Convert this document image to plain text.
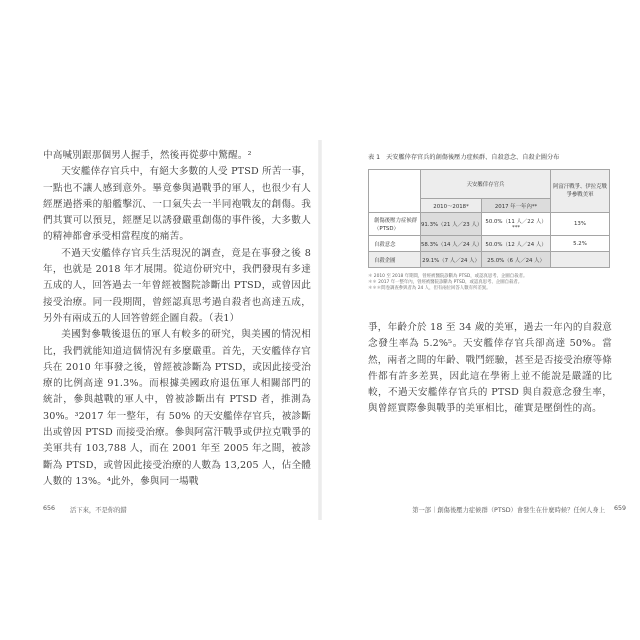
中高喊別跟那個男人握手，然後再從夢中驚醒。²

天安艦倖存官兵中，有絕大多數的人受 PTSD 所苦一事，一點也不讓人感到意外。畢竟參與過戰爭的軍人，也很少有人經歷過搭乘的船艦擊沉、一口氣失去一半同袍戰友的創傷。我們其實可以預見，經歷足以誘發嚴重創傷的事件後，大多數人的精神都會承受相當程度的痛苦。

不過天安艦倖存官兵生活現況的調查，竟是在事發之後 8 年，也就是 2018 年才展開。從這份研究中，我們發現有多達五成的人，回答過去一年曾經被醫院診斷出 PTSD，或曾因此接受治療。同一段期間，曾經認真思考過自殺者也高達五成，另外有兩成五的人回答曾經企圖自殺。（表1）

美國對參戰後退伍的軍人有較多的研究，與美國的情況相比，我們就能知道這個情況有多麼嚴重。首先，天安艦倖存官兵在 2010 年事發之後，曾經被診斷為 PTSD，或因此接受治療的比例高達 91.3%。而根據美國政府退伍軍人相關部門的統計，參與越戰的軍人中，曾被診斷出有 PTSD 者，推測為 30%。³2017 年一整年，有 50% 的天安艦倖存官兵，被診斷出或曾因 PTSD 而接受治療。參與阿富汗戰爭或伊拉克戰爭的美軍共有 103,788 人，而在 2001 年至 2005 年之間，被診斷為 PTSD，或曾因此接受治療的人數為 13,205 人，佔全體人數的 13%。⁴此外，參與同一場戰

656 活下來，不是你的錯
表 1 天安艦倖存官兵的創傷後壓力症候群、自殺意念、自殺企圖分布
	天安艦倖存官兵		阿富汗戰爭、伊拉克戰爭參戰美軍
	2010～2018*	2017 年一年內**	
創傷後壓力症候群（PTSD）	91.3%（21 人／23 人）	50.0%（11 人／22 人）***	13%
自殺意念	58.3%（14 人／24 人）	50.0%（12 人／24 人）	5.2%
自殺企圖	29.1%（7 人／24 人）	25.0%（6 人／24 人）	
＊ 2010 至 2018 年期間，曾經被醫院診斷為 PTSD，或認真思考、企圖自殺者。
＊＊ 2017 年一整年內，曾經被醫院診斷為 PTSD，或認真思考、企圖自殺者。
＊＊＊問卷調查參與者為 24 人，但有兩位回答人數有所差異。

爭，年齡介於 18 至 34 歲的美軍，過去一年內的自殺意念發生率為 5.2%⁵。天安艦倖存官兵卻高達 50%。當然，兩者之間的年齡、戰鬥經驗，甚至是否接受治療等條件都有許多差異，因此這在學術上並不能說是嚴謹的比較，不過天安艦倖存官兵的 PTSD 與自殺意念發生率，與曾經實際參與戰爭的美軍相比，確實是壓倒性的高。

第一部｜創傷後壓力症候群（PTSD）會發生在什麼時候？任何人身上 659
